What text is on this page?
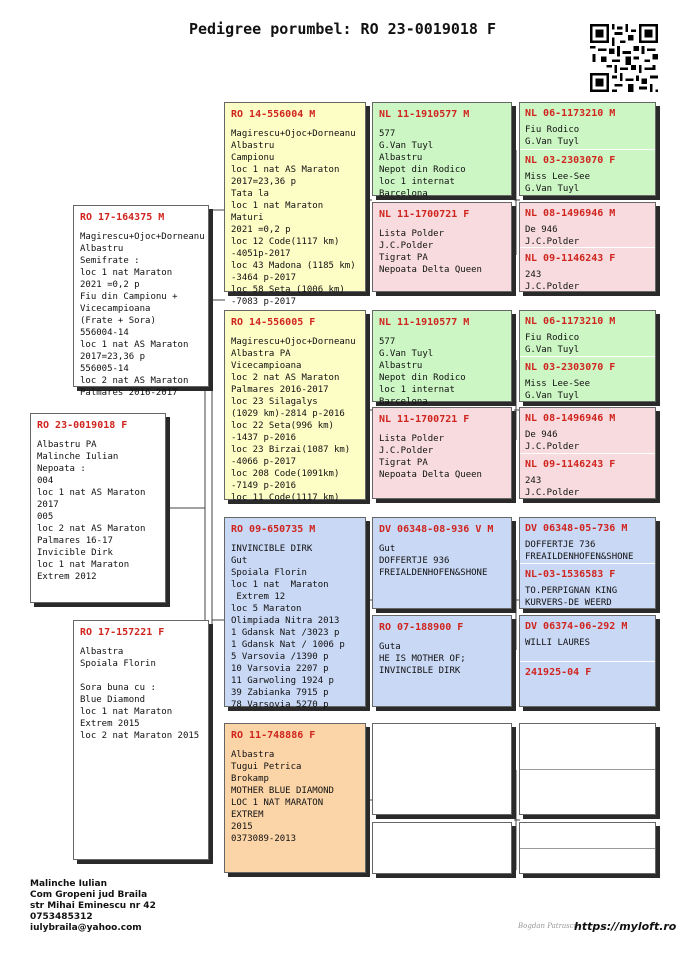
Pedigree porumbel: RO 23-0019018 F
RO 23-0019018 F
Albastru PA
Malinche Iulian
Nepoata :
004
loc 1 nat AS Maraton
2017
005
loc 2 nat AS Maraton
Palmares 16-17
Invicible Dirk
loc 1 nat Maraton
Extrem 2012
RO 17-164375 M
Magirescu+Ojoc+Dorneanu
Albastru
Semifrate :
loc 1 nat Maraton
2021 =0,2 p
Fiu din Campionu +
Vicecampioana
(Frate + Sora)
556004-14
loc 1 nat AS Maraton
2017=23,36 p
556005-14
loc 2 nat AS Maraton
Palmares 2016-2017
RO 17-157221 F
Albastra
Spoiala Florin

Sora buna cu :
Blue Diamond
loc 1 nat Maraton
Extrem 2015
loc 2 nat Maraton 2015
RO 14-556004 M
Magirescu+Ojoc+Dorneanu
Albastru
Campionu
loc 1 nat AS Maraton
2017=23,36 p
Tata la
loc 1 nat Maraton Maturi
2021 =0,2 p
loc 12 Code(1117 km)
-4051p-2017
loc 43 Madona (1185 km)
-3464 p-2017
loc 58 Seta (1006 km)
-7083 p-2017
RO 14-556005 F
Magirescu+Ojoc+Dorneanu
Albastra PA
Vicecampioana
loc 2 nat AS Maraton
Palmares 2016-2017
loc 23 Silagalys
(1029 km)-2814 p-2016
loc 22 Seta(996 km)
-1437 p-2016
loc 23 Birzai(1087 km)
-4066 p-2017
loc 208 Code(1091km)
-7149 p-2016
loc 11 Code(1117 km)
RO 09-650735 M
INVINCIBLE DIRK
Gut
Spoiala Florin
loc 1 nat  Maraton
Extrem 12
loc 5 Maraton
Olimpiada Nitra 2013
1 Gdansk Nat /3023 p
1 Gdansk Nat / 1006 p
5 Varsovia /1390 p
10 Varsovia 2207 p
11 Garwoling 1924 p
39 Zabianka 7915 p
78 Varsovia 5270 p
RO 11-748886 F
Albastra
Tugui Petrica
Brokamp
MOTHER BLUE DIAMOND
LOC 1 NAT MARATON EXTREM
2015
0373089-2013
NL 11-1910577 M
577
G.Van Tuyl
Albastru
Nepot din Rodico
loc 1 internat Barcelona
NL 11-1700721 F
Lista Polder
J.C.Polder
Tigrat PA
Nepoata Delta Queen
NL 11-1910577 M
577
G.Van Tuyl
Albastru
Nepot din Rodico
loc 1 internat Barcelona
NL 11-1700721 F
Lista Polder
J.C.Polder
Tigrat PA
Nepoata Delta Queen
DV 06348-08-936 V M
Gut
DOFFERTJE 936
FREIALDENHOFEN&SHONE
RO 07-188900 F
Guta
HE IS MOTHER OF;
INVINCIBLE DIRK
NL 06-1173210 M
Fiu Rodico
G.Van Tuyl
NL 03-2303070 F
Miss Lee-See
G.Van Tuyl
NL 08-1496946 M
De 946
J.C.Polder
NL 09-1146243 F
243
J.C.Polder
NL 06-1173210 M
Fiu Rodico
G.Van Tuyl
NL 03-2303070 F
Miss Lee-See
G.Van Tuyl
NL 08-1496946 M
De 946
J.C.Polder
NL 09-1146243 F
243
J.C.Polder
DV 06348-05-736 M
DOFFERTJE 736
FREAILDENHOFEN&SHONE
NL-03-1536583 F
TO.PERPIGNAN KING
KURVERS-DE WEERD
DV 06374-06-292 M
WILLI LAURES
241925-04 F
Malinche Iulian
Com Gropeni jud Braila
str Mihai Eminescu nr 42
0753485312
iulybraila@yahoo.com	Bogdan Patrascu
https://myloft.ro
